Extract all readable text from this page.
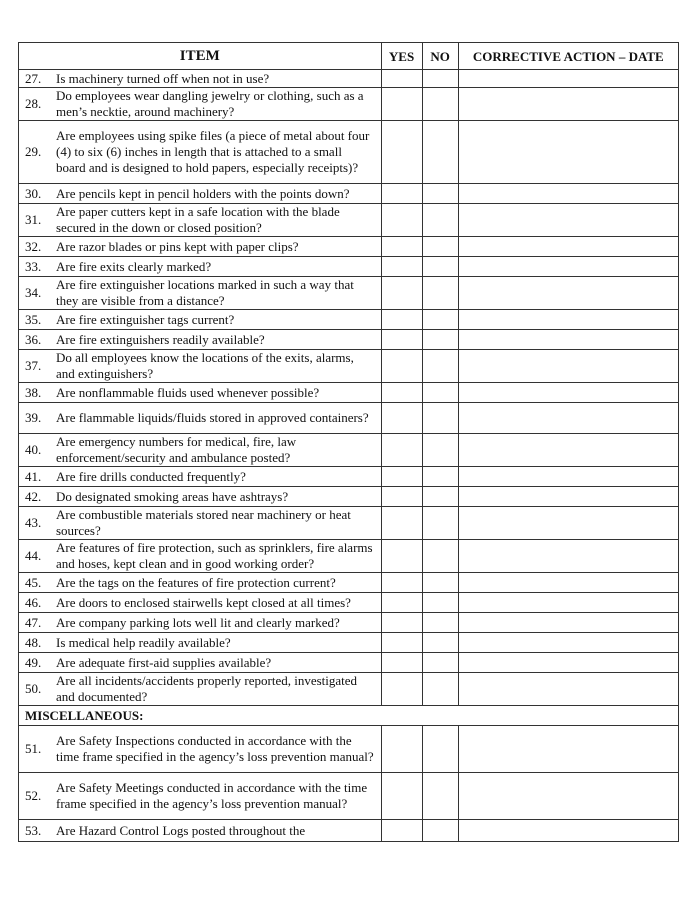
ITEM	YES	NO	CORRECTIVE ACTION – DATE

27. Is machinery turned off when not in use?			

28.
Do employees wear dangling jewelry or clothing, such as a men’s necktie, around machinery?			

29.
Are employees using spike files (a piece of metal about four (4) to six (6) inches in length that is attached to a small board and is designed to hold papers, especially receipts)?			

30. Are pencils kept in pencil holders with the points down?			

31.
Are paper cutters kept in a safe location with the blade secured in the down or closed position?			

32. Are razor blades or pins kept with paper clips?			

33. Are fire exits clearly marked?			

34.
Are fire extinguisher locations marked in such a way that they are visible from a distance?			

35. Are fire extinguisher tags current?			

36. Are fire extinguishers readily available?			

37.
Do all employees know the locations of the exits, alarms, and extinguishers?			

38. Are nonflammable fluids used whenever possible?			

39. Are flammable liquids/fluids stored in approved containers?			

40.
Are emergency numbers for medical, fire, law enforcement/security and ambulance posted?			

41. Are fire drills conducted frequently?			

42. Do designated smoking areas have ashtrays?			

43.
Are combustible materials stored near machinery or heat sources?			

44.
Are features of fire protection, such as sprinklers, fire alarms and hoses, kept clean and in good working order?			

45. Are the tags on the features of fire protection current?			

46. Are doors to enclosed stairwells kept closed at all times?			

47. Are company parking lots well lit and clearly marked?			

48. Is medical help readily available?			

49. Are adequate first-aid supplies available?			

50.
Are all incidents/accidents properly reported, investigated and documented?			

MISCELLANEOUS:			

51.
Are Safety Inspections conducted in accordance with the time frame specified in the agency’s loss prevention manual?			

52.
Are Safety Meetings conducted in accordance with the time frame specified in the agency’s loss prevention manual?			

53. Are Hazard Control Logs posted throughout the			
